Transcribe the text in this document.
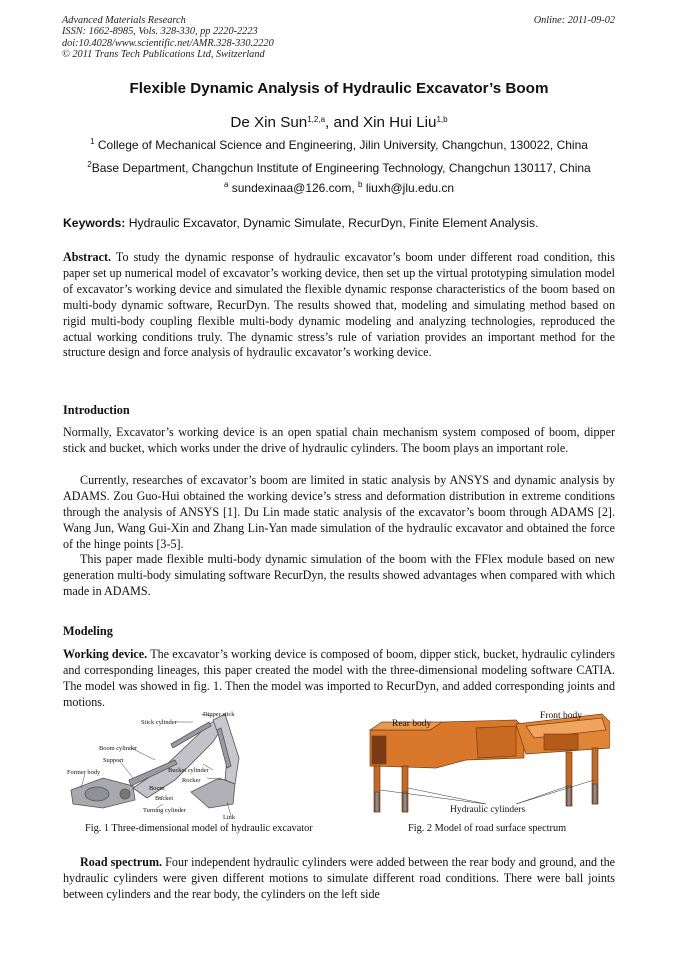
Advanced Materials Research
ISSN: 1662-8985, Vols. 328-330, pp 2220-2223
doi:10.4028/www.scientific.net/AMR.328-330.2220
© 2011 Trans Tech Publications Ltd, Switzerland
Online: 2011-09-02
Flexible Dynamic Analysis of Hydraulic Excavator’s Boom
De Xin Sun$^{1,2,a}$, and Xin Hui Liu$^{1,b}$
$^1$ College of Mechanical Science and Engineering, Jilin University, Changchun, 130022, China
$^2$Base Department, Changchun Institute of Engineering Technology, Changchun 130117, China
$^a$ sundexinaa@126.com, $^b$ liuxh@jlu.edu.cn
Keywords: Hydraulic Excavator, Dynamic Simulate, RecurDyn, Finite Element Analysis.
Abstract. To study the dynamic response of hydraulic excavator’s boom under different road condition, this paper set up numerical model of excavator’s working device, then set up the virtual prototyping simulation model of excavator’s working device and simulated the flexible dynamic response characteristics of the boom based on multi-body dynamic software, RecurDyn. The results showed that, modeling and simulating method based on rigid multi-body coupling flexible multi-body dynamic modeling and analyzing technologies, reproduced the actual working conditions truly. The dynamic stress’s rule of variation provides an important method for the structure design and force analysis of hydraulic excavator’s working device.
Introduction
Normally, Excavator’s working device is an open spatial chain mechanism system composed of boom, dipper stick and bucket, which works under the drive of hydraulic cylinders. The boom plays an important role.
Currently, researches of excavator’s boom are limited in static analysis by ANSYS and dynamic analysis by ADAMS. Zou Guo-Hui obtained the working device’s stress and deformation distribution in extreme conditions through the analysis of ANSYS [1]. Du Lin made static analysis of the excavator’s boom through ADAMS [2]. Wang Jun, Wang Gui-Xin and Zhang Lin-Yan made simulation of the hydraulic excavator and obtained the force of the hinge points [3-5].
This paper made flexible multi-body dynamic simulation of the boom with the FFlex module based on new generation multi-body simulating software RecurDyn, the results showed advantages when compared with which made in ADAMS.
Modeling
Working device. The excavator’s working device is composed of boom, dipper stick, bucket, hydraulic cylinders and corresponding lineages, this paper created the model with the three-dimensional modeling software CATIA. The model was showed in fig. 1. Then the model was imported to RecurDyn, and added corresponding joints and motions.
Dipper stick
Stick cylinder
Boom cylinder
Support
Bucket cylinder
Former body
Rocker
Boom
Bucket
Turning cylinder
Link
Fig. 1 Three-dimensional model of hydraulic excavator
Rear body
Front body
Hydraulic cylinders
Fig. 2 Model of road surface spectrum
Road spectrum. Four independent hydraulic cylinders were added between the rear body and ground, and the hydraulic cylinders were given different motions to simulate different road conditions. There were ball joints between cylinders and the rear body, the cylinders on the left side
